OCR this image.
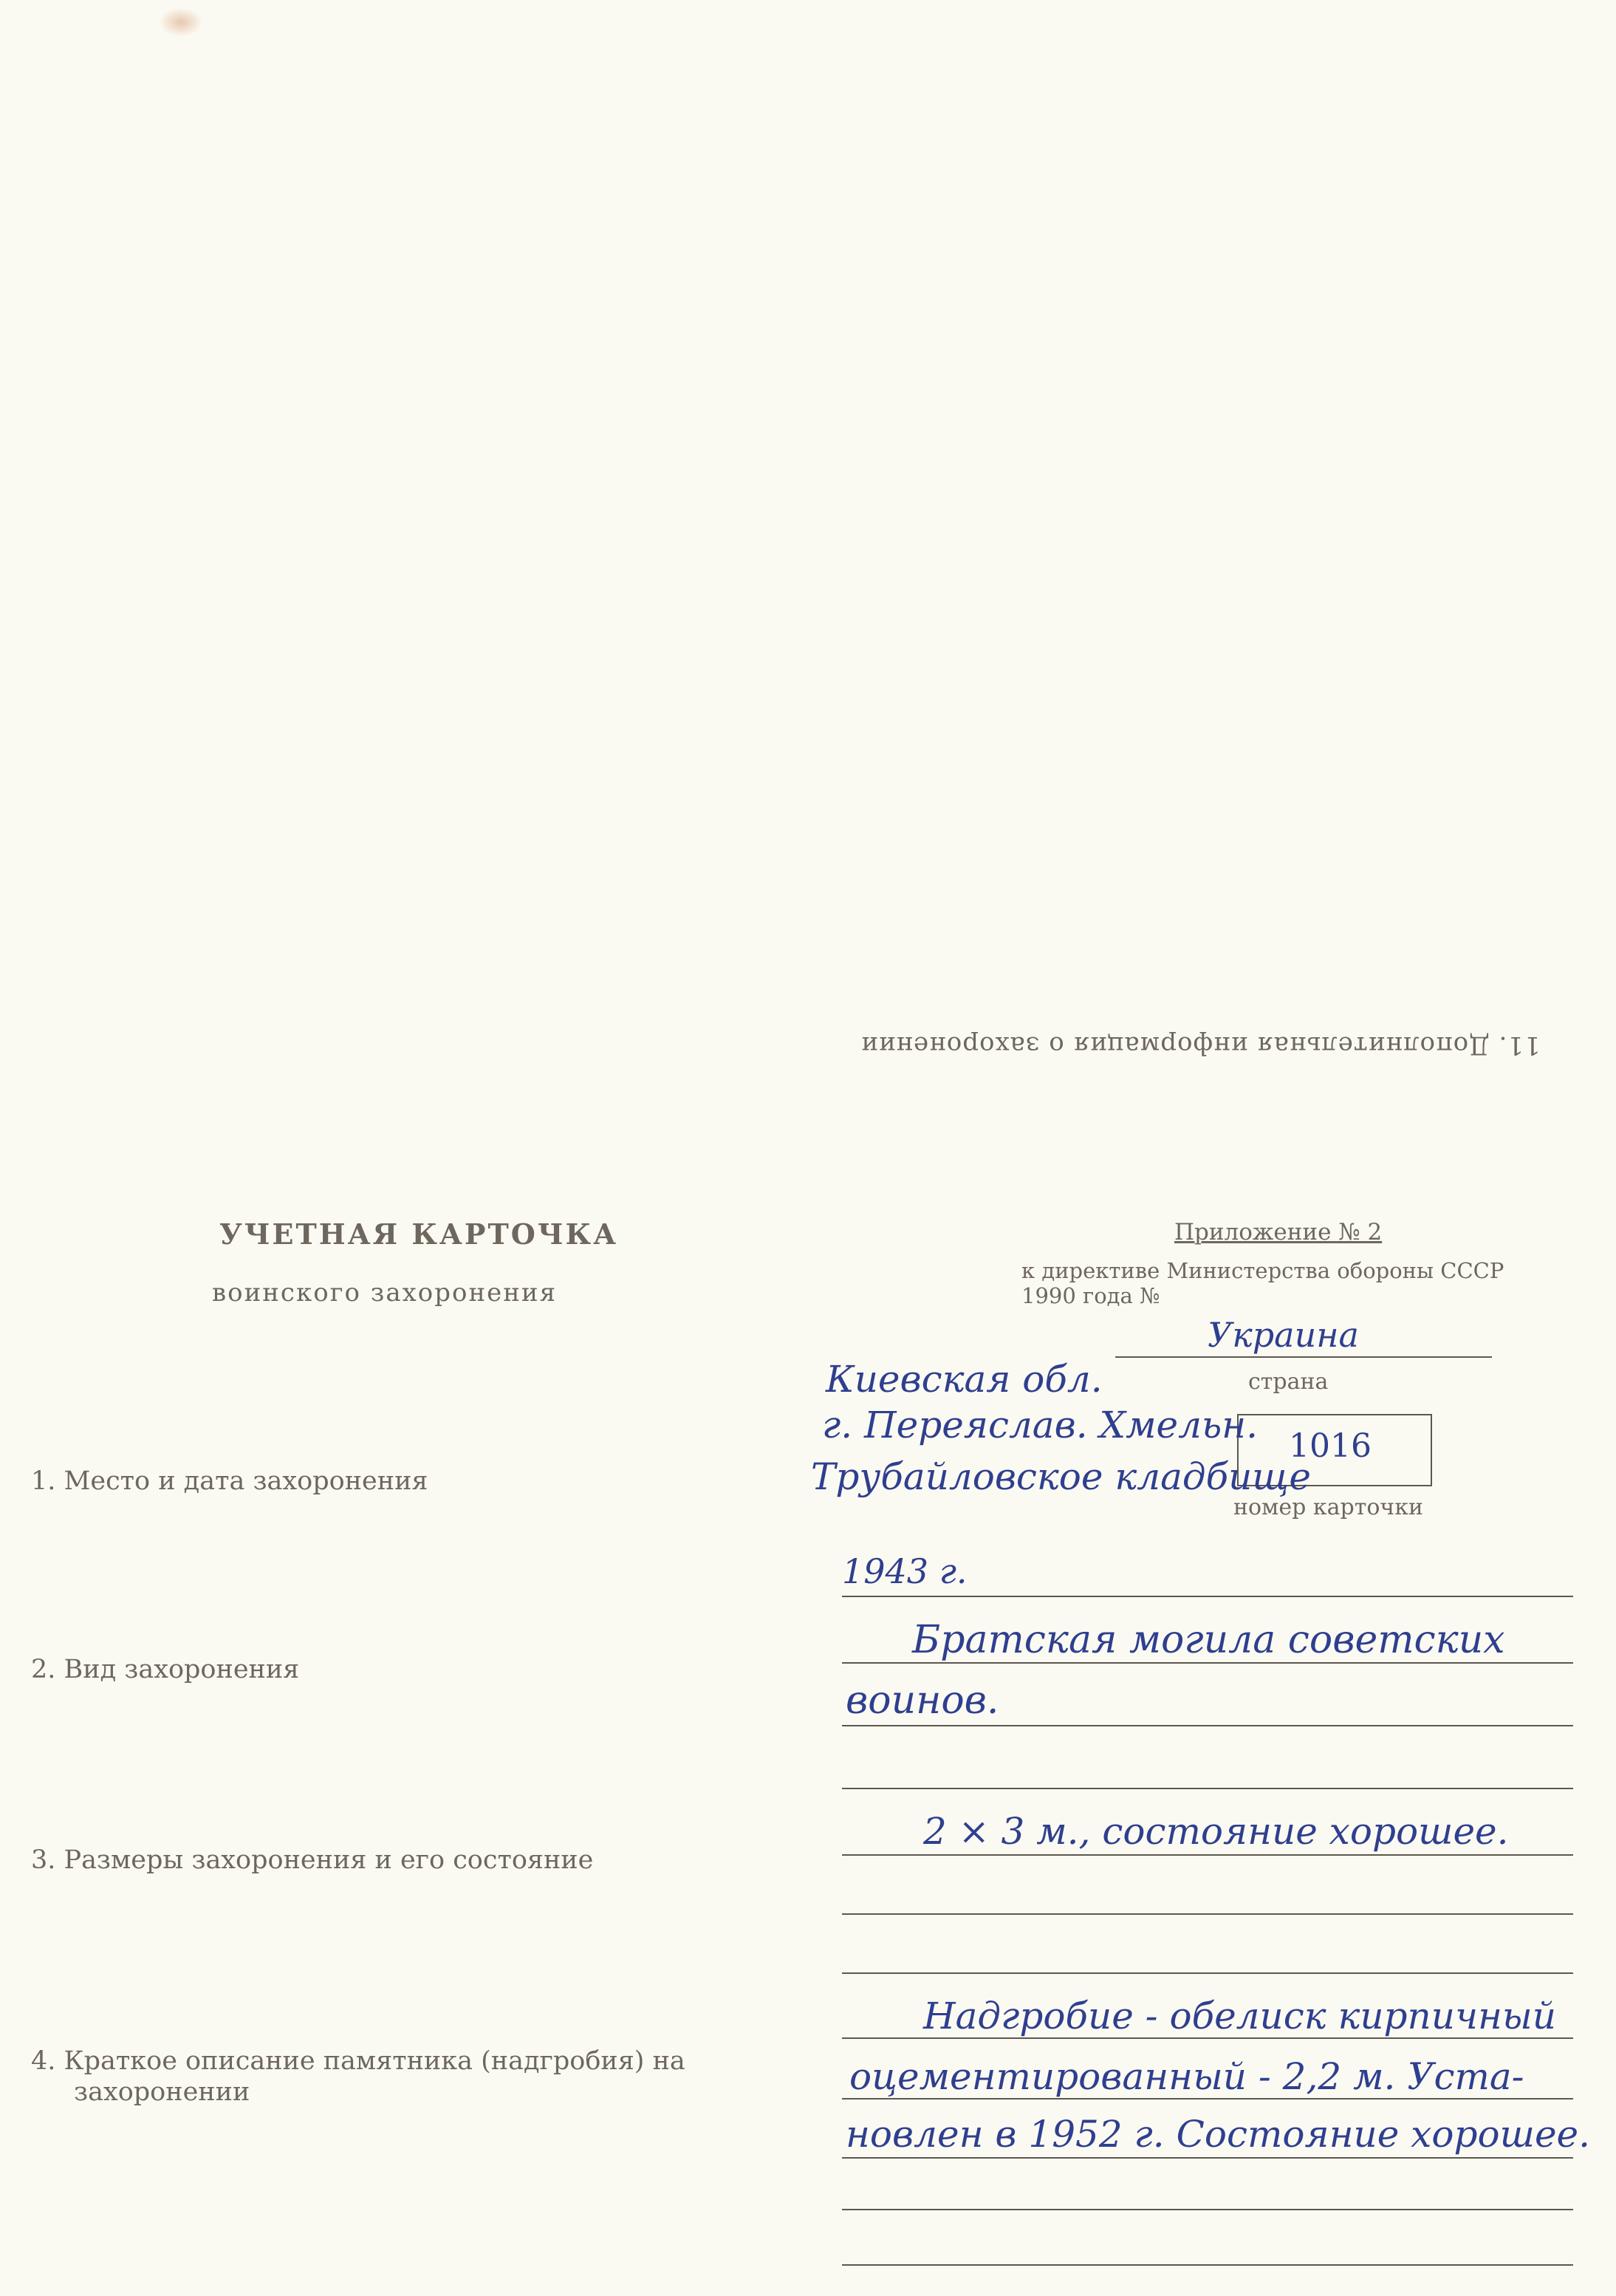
11. Дополнительная информация о захоронении
УЧЕТНАЯ КАРТОЧКА
воинского захоронения
Приложение № 2
к директиве Министерства обороны СССР
1990 года №
Украина
страна
1016
номер карточки
Киевская обл.
г. Переяслав. Хмельн.
Трубайловское кладбище
1. Место и дата захоронения
2. Вид захоронения
3. Размеры захоронения и его состояние
4. Краткое описание памятника (надгробия) на
захоронении
1943 г.
Братская могила советских
воинов.
2 × 3 м., состояние хорошее.
Надгробие - обелиск кирпичный
оцементированный - 2,2 м. Уста-
новлен в 1952 г. Состояние хорошее.
